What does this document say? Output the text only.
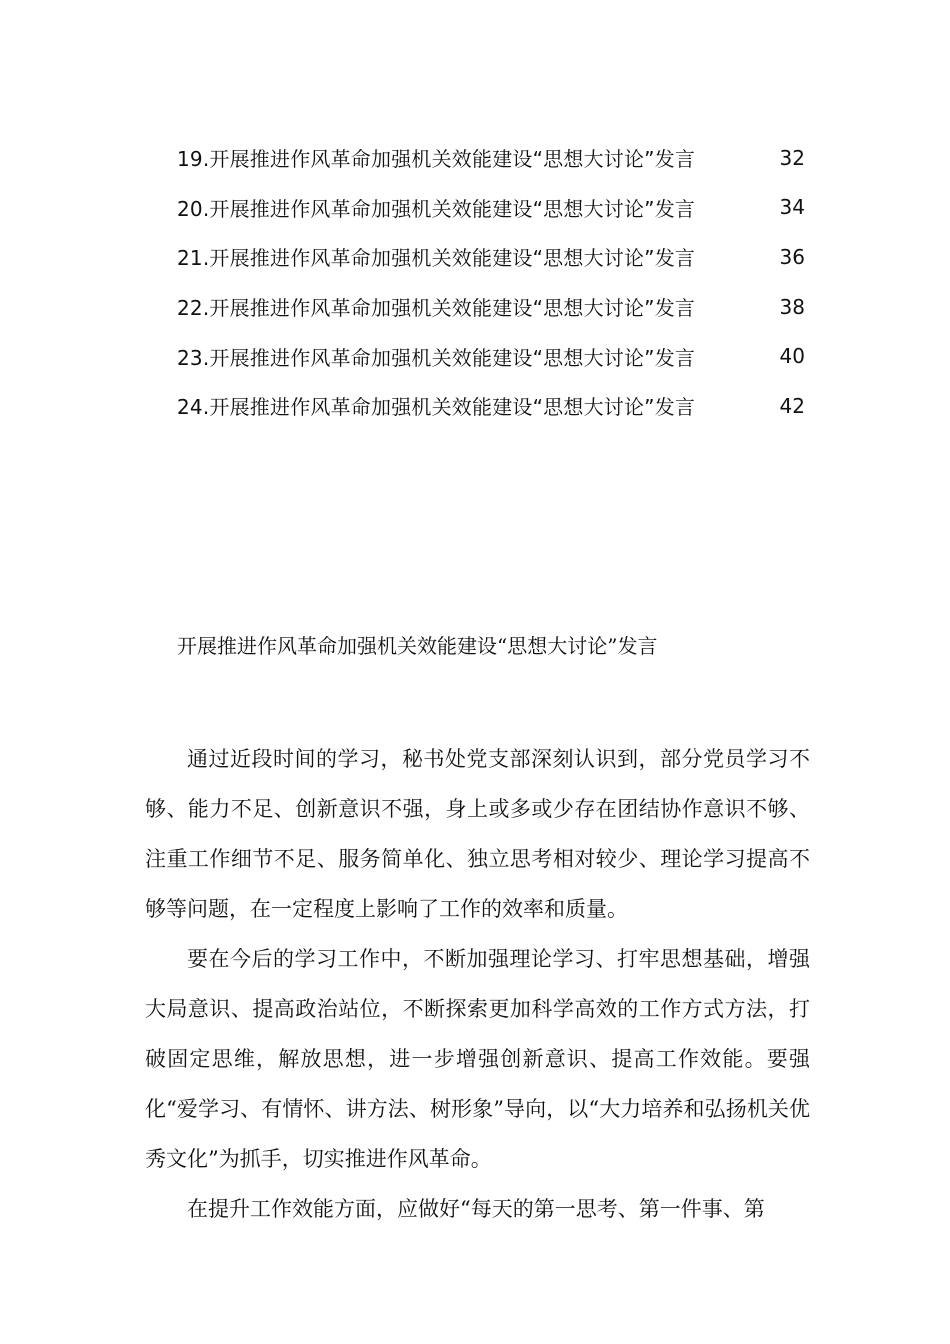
19.开展推进作风革命加强机关效能建设“思想大讨论”发言	32
20.开展推进作风革命加强机关效能建设“思想大讨论”发言	34
21.开展推进作风革命加强机关效能建设“思想大讨论”发言	36
22.开展推进作风革命加强机关效能建设“思想大讨论”发言	38
23.开展推进作风革命加强机关效能建设“思想大讨论”发言	40
24.开展推进作风革命加强机关效能建设“思想大讨论”发言	42
开展推进作风革命加强机关效能建设“思想大讨论”发言

通过近段时间的学习，秘书处党支部深刻认识到，部分党员学习不够、能力不足、创新意识不强，身上或多或少存在团结协作意识不够、注重工作细节不足、服务简单化、独立思考相对较少、理论学习提高不够等问题，在一定程度上影响了工作的效率和质量。

要在今后的学习工作中，不断加强理论学习、打牢思想基础，增强大局意识、提高政治站位，不断探索更加科学高效的工作方式方法，打破固定思维，解放思想，进一步增强创新意识、提高工作效能。要强化“爱学习、有情怀、讲方法、树形象”导向，以“大力培养和弘扬机关优秀文化”为抓手，切实推进作风革命。

在提升工作效能方面，应做好“每天的第一思考、第一件事、第
